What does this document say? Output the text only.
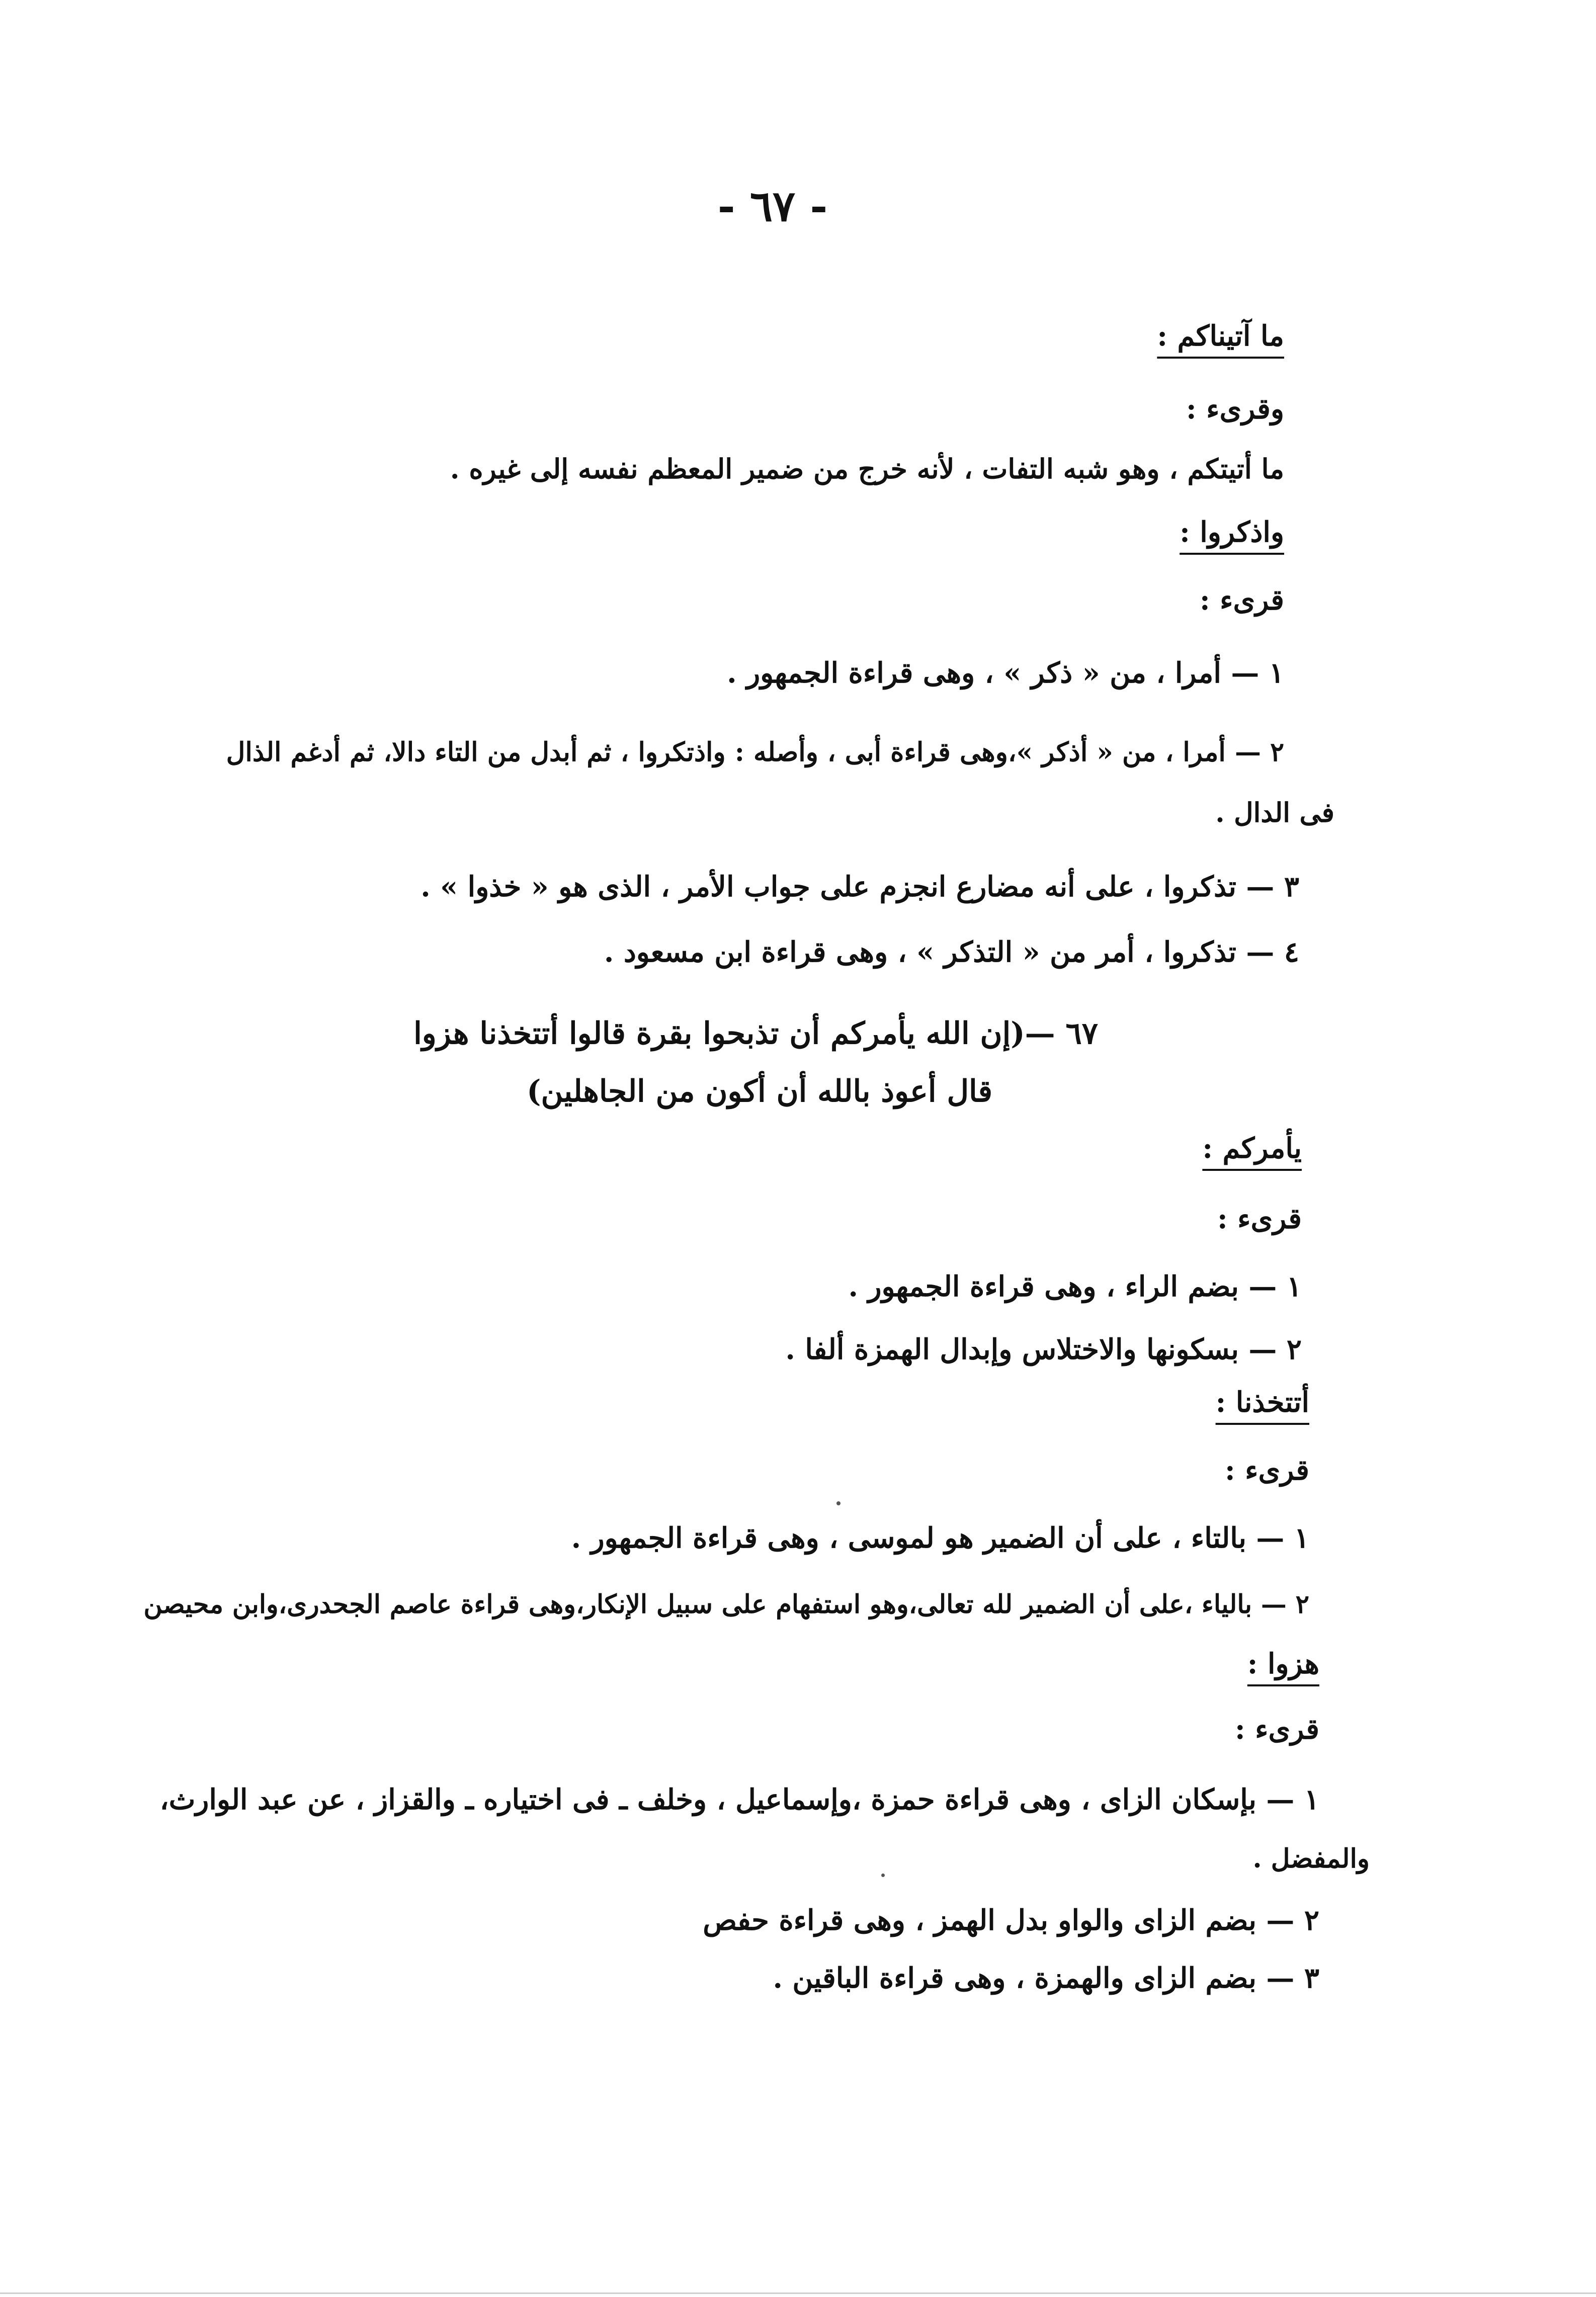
- ٦٧ -
ما آتيناكم :
وقرىء :
ما أتيتكم ، وهو شبه التفات ، لأنه خرج من ضمير المعظم نفسه إلى غيره .
واذكروا :
قرىء :
١ — أمرا ، من « ذكر » ، وهى قراءة الجمهور .
٢ — أمرا ، من « أذكر »،وهى قراءة أبى ، وأصله : واذتكروا ، ثم أبدل من التاء دالا، ثم أدغم الذال
فى الدال .
٣ — تذكروا ، على أنه مضارع انجزم على جواب الأمر ، الذى هو « خذوا » .
٤ — تذكروا ، أمر من « التذكر » ، وهى قراءة ابن مسعود .
٦٧ —(إن الله يأمركم أن تذبحوا بقرة قالوا أتتخذنا هزوا
قال أعوذ بالله أن أكون من الجاهلين)
يأمركم :
قرىء :
١ — بضم الراء ، وهى قراءة الجمهور .
٢ — بسكونها والاختلاس وإبدال الهمزة ألفا .
أتتخذنا :
قرىء :
١ — بالتاء ، على أن الضمير هو لموسى ، وهى قراءة الجمهور .
٢ — بالياء ،على أن الضمير لله تعالى،وهو استفهام على سبيل الإنكار،وهى قراءة عاصم الجحدرى،وابن محيصن
هزوا :
قرىء :
١ — بإسكان الزاى ، وهى قراءة حمزة ،وإسماعيل ، وخلف ـ فى اختياره ـ والقزاز ، عن عبد الوارث،
والمفضل .
٢ — بضم الزاى والواو بدل الهمز ، وهى قراءة حفص
٣ — بضم الزاى والهمزة ، وهى قراءة الباقين .
